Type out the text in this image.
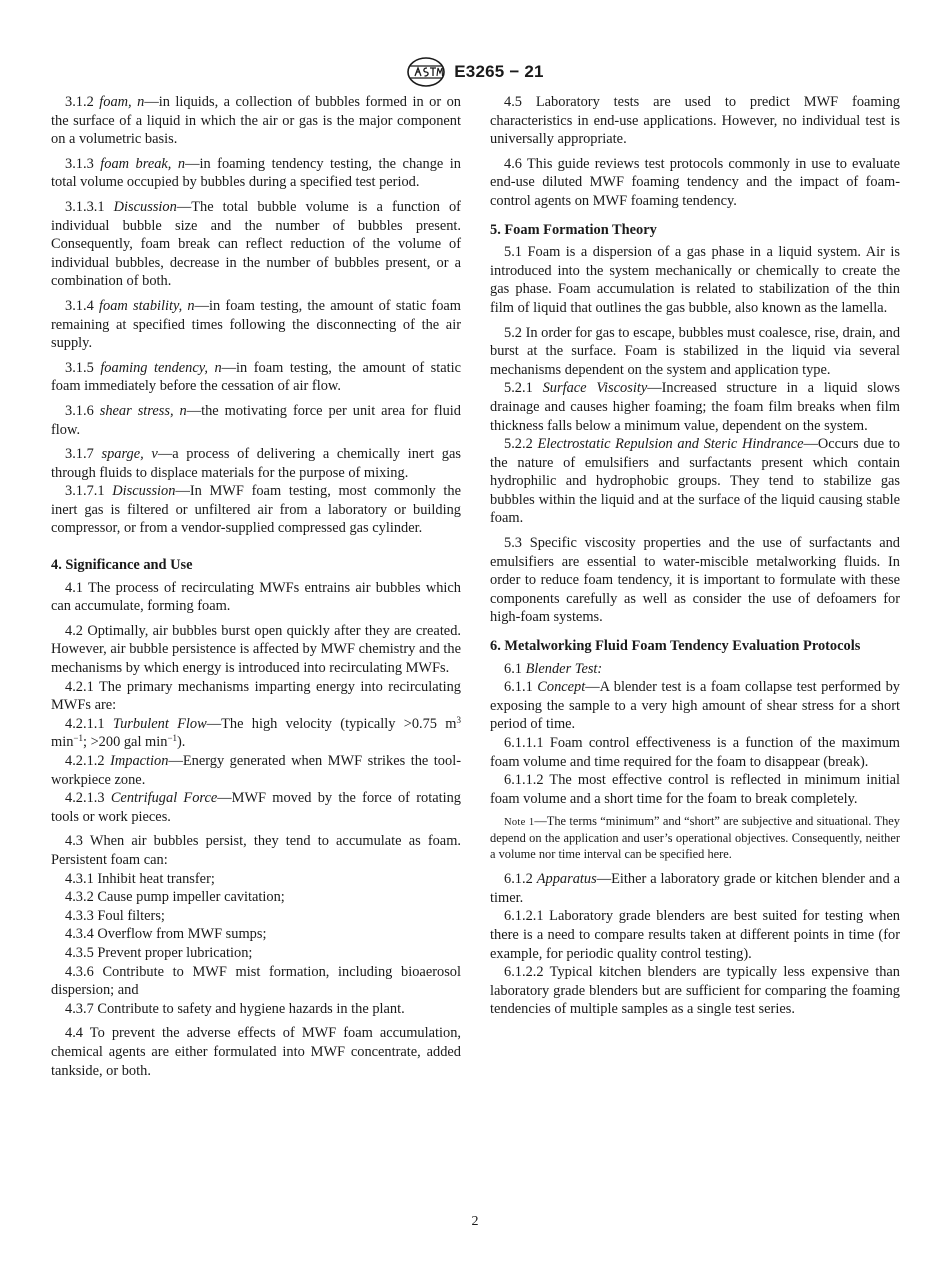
E3265 − 21

3.1.2 foam, n—in liquids, a collection of bubbles formed in or on the surface of a liquid in which the air or gas is the major component on a volumetric basis.

3.1.3 foam break, n—in foaming tendency testing, the change in total volume occupied by bubbles during a specified test period.

3.1.3.1 Discussion—The total bubble volume is a function of individual bubble size and the number of bubbles present. Consequently, foam break can reflect reduction of the volume of individual bubbles, decrease in the number of bubbles present, or a combination of both.

3.1.4 foam stability, n—in foam testing, the amount of static foam remaining at specified times following the disconnecting of the air supply.

3.1.5 foaming tendency, n—in foam testing, the amount of static foam immediately before the cessation of air flow.

3.1.6 shear stress, n—the motivating force per unit area for fluid flow.

3.1.7 sparge, v—a process of delivering a chemically inert gas through fluids to displace materials for the purpose of mixing.

3.1.7.1 Discussion—In MWF foam testing, most commonly the inert gas is filtered or unfiltered air from a laboratory or building compressor, or from a vendor-supplied compressed gas cylinder.

4. Significance and Use

4.1 The process of recirculating MWFs entrains air bubbles which can accumulate, forming foam.

4.2 Optimally, air bubbles burst open quickly after they are created. However, air bubble persistence is affected by MWF chemistry and the mechanisms by which energy is introduced into recirculating MWFs.

4.2.1 The primary mechanisms imparting energy into recirculating MWFs are:

4.2.1.1 Turbulent Flow—The high velocity (typically >0.75 $m^3$ $\min^{-1}$; >200 gal $\min^{-1}$).

4.2.1.2 Impaction—Energy generated when MWF strikes the tool-workpiece zone.

4.2.1.3 Centrifugal Force—MWF moved by the force of rotating tools or work pieces.

4.3 When air bubbles persist, they tend to accumulate as foam. Persistent foam can:

4.3.1 Inhibit heat transfer;

4.3.2 Cause pump impeller cavitation;

4.3.3 Foul filters;

4.3.4 Overflow from MWF sumps;

4.3.5 Prevent proper lubrication;

4.3.6 Contribute to MWF mist formation, including bioaerosol dispersion; and

4.3.7 Contribute to safety and hygiene hazards in the plant.

4.4 To prevent the adverse effects of MWF foam accumulation, chemical agents are either formulated into MWF concentrate, added tankside, or both.

4.5 Laboratory tests are used to predict MWF foaming characteristics in end-use applications. However, no individual test is universally appropriate.

4.6 This guide reviews test protocols commonly in use to evaluate end-use diluted MWF foaming tendency and the impact of foam-control agents on MWF foaming tendency.

5. Foam Formation Theory

5.1 Foam is a dispersion of a gas phase in a liquid system. Air is introduced into the system mechanically or chemically to create the gas phase. Foam accumulation is related to stabilization of the thin film of liquid that outlines the gas bubble, also known as the lamella.

5.2 In order for gas to escape, bubbles must coalesce, rise, drain, and burst at the surface. Foam is stabilized in the liquid via several mechanisms dependent on the system and application type.

5.2.1 Surface Viscosity—Increased structure in a liquid slows drainage and causes higher foaming; the foam film breaks when film thickness falls below a minimum value, dependent on the system.

5.2.2 Electrostatic Repulsion and Steric Hindrance—Occurs due to the nature of emulsifiers and surfactants present which contain hydrophilic and hydrophobic groups. They tend to stabilize gas bubbles within the liquid and at the surface of the liquid causing stable foam.

5.3 Specific viscosity properties and the use of surfactants and emulsifiers are essential to water-miscible metalworking fluids. In order to reduce foam tendency, it is important to formulate with these components carefully as well as consider the use of defoamers for high-foam systems.

6. Metalworking Fluid Foam Tendency Evaluation Protocols

6.1 Blender Test:

6.1.1 Concept—A blender test is a foam collapse test performed by exposing the sample to a very high amount of shear stress for a short period of time.

6.1.1.1 Foam control effectiveness is a function of the maximum foam volume and time required for the foam to disappear (break).

6.1.1.2 The most effective control is reflected in minimum initial foam volume and a short time for the foam to break completely.

Note 1—The terms “minimum” and “short” are subjective and situational. They depend on the application and user’s operational objectives. Consequently, neither a volume nor time interval can be specified here.

6.1.2 Apparatus—Either a laboratory grade or kitchen blender and a timer.

6.1.2.1 Laboratory grade blenders are best suited for testing when there is a need to compare results taken at different points in time (for example, for periodic quality control testing).

6.1.2.2 Typical kitchen blenders are typically less expensive than laboratory grade blenders but are sufficient for comparing the foaming tendencies of multiple samples as a single test series.

2
